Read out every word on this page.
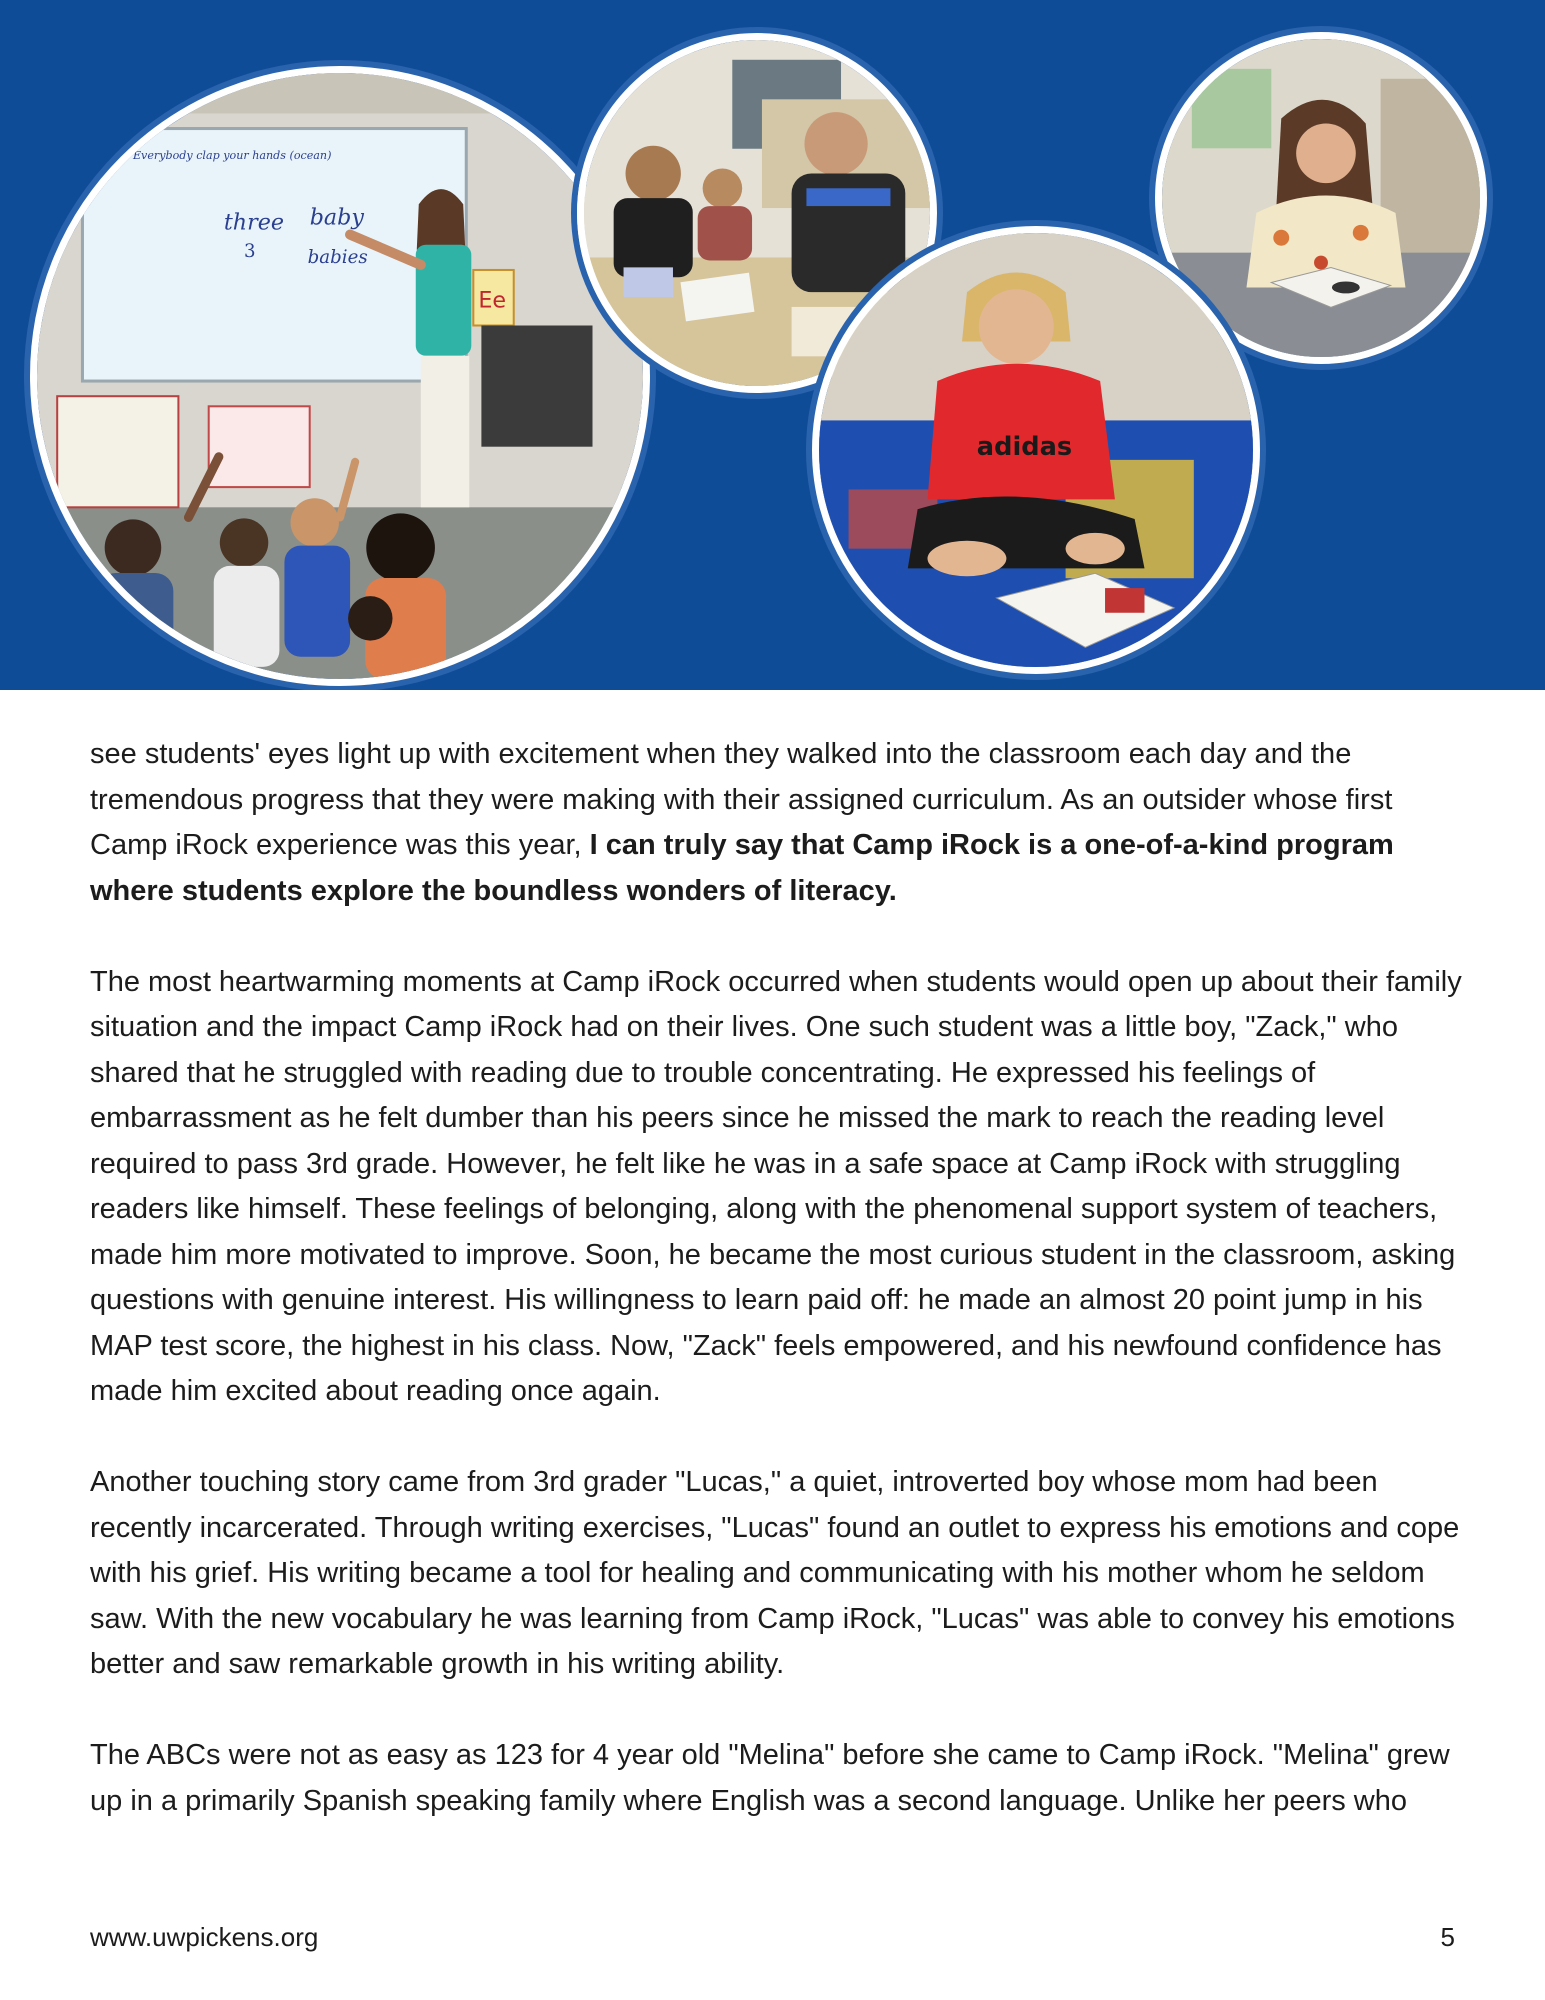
Everybody clap your hands (ocean)
three
3
baby
babies
Ee
adidas

see students' eyes light up with excitement when they walked into the classroom each day and the tremendous progress that they were making with their assigned curriculum. As an outsider whose first Camp iRock experience was this year, I can truly say that Camp iRock is a one-of-a-kind program where students explore the boundless wonders of literacy.

The most heartwarming moments at Camp iRock occurred when students would open up about their family situation and the impact Camp iRock had on their lives. One such student was a little boy, "Zack," who shared that he struggled with reading due to trouble concentrating. He expressed his feelings of embarrassment as he felt dumber than his peers since he missed the mark to reach the reading level required to pass 3rd grade. However, he felt like he was in a safe space at Camp iRock with struggling readers like himself. These feelings of belonging, along with the phenomenal support system of teachers, made him more motivated to improve. Soon, he became the most curious student in the classroom, asking questions with genuine interest. His willingness to learn paid off: he made an almost 20 point jump in his MAP test score, the highest in his class. Now, "Zack" feels empowered, and his newfound confidence has made him excited about reading once again.

Another touching story came from 3rd grader "Lucas," a quiet, introverted boy whose mom had been recently incarcerated. Through writing exercises, "Lucas" found an outlet to express his emotions and cope with his grief. His writing became a tool for healing and communicating with his mother whom he seldom saw. With the new vocabulary he was learning from Camp iRock, "Lucas" was able to convey his emotions better and saw remarkable growth in his writing ability.

The ABCs were not as easy as 123 for 4 year old "Melina" before she came to Camp iRock. "Melina" grew up in a primarily Spanish speaking family where English was a second language. Unlike her peers who

www.uwpickens.org	5
